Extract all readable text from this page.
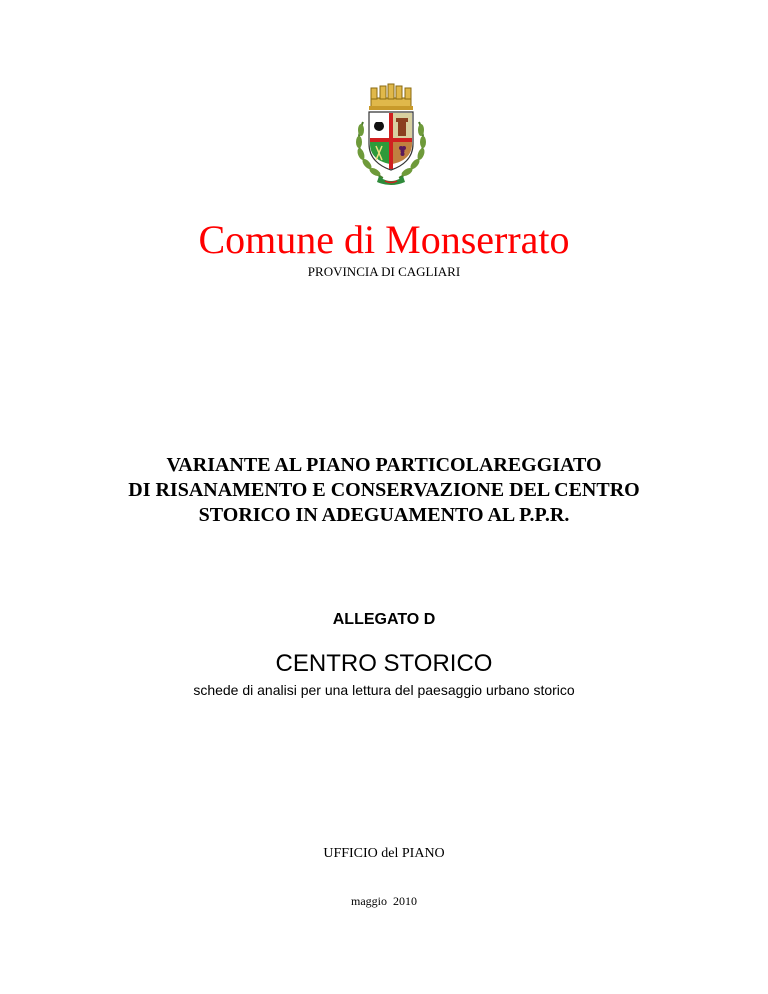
Comune di Monserrato
PROVINCIA DI CAGLIARI
VARIANTE AL PIANO PARTICOLAREGGIATO
DI RISANAMENTO E CONSERVAZIONE DEL CENTRO
STORICO IN ADEGUAMENTO AL P.P.R.
ALLEGATO D
CENTRO STORICO
schede di analisi per una lettura del paesaggio urbano storico
UFFICIO del PIANO
maggio  2010
